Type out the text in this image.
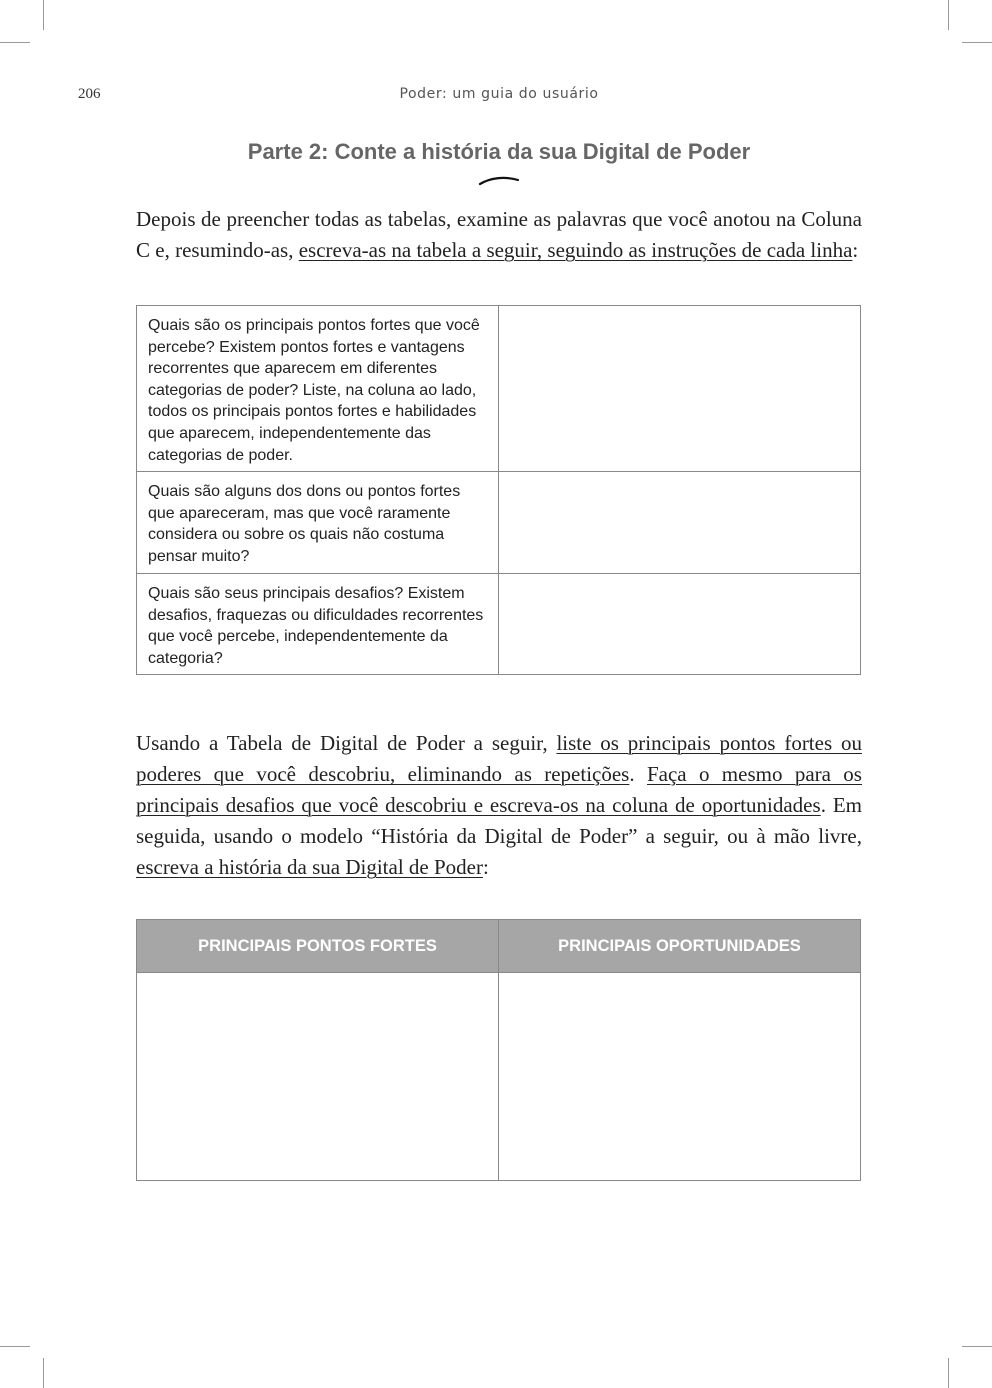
206	Poder: um guia do usuário
Parte 2: Conte a história da sua Digital de Poder
Depois de preencher todas as tabelas, examine as palavras que você anotou na Coluna C e, resumindo-as, escreva-as na tabela a seguir, seguindo as instruções de cada linha:
Quais são os principais pontos fortes que você percebe? Existem pontos fortes e vantagens recorrentes que aparecem em diferentes categorias de poder? Liste, na coluna ao lado, todos os principais pontos fortes e habilidades que aparecem, independentemente das categorias de poder.	
Quais são alguns dos dons ou pontos fortes que apareceram, mas que você raramente considera ou sobre os quais não costuma pensar muito?	
Quais são seus principais desafios? Existem desafios, fraquezas ou dificuldades recorrentes que você percebe, independentemente da categoria?	
Usando a Tabela de Digital de Poder a seguir, liste os principais pontos fortes ou poderes que você descobriu, eliminando as repetições. Faça o mesmo para os principais desafios que você descobriu e escreva-os na coluna de oportunidades. Em seguida, usando o modelo “História da Digital de Poder” a seguir, ou à mão livre, escreva a história da sua Digital de Poder:
PRINCIPAIS PONTOS FORTES	PRINCIPAIS OPORTUNIDADES
